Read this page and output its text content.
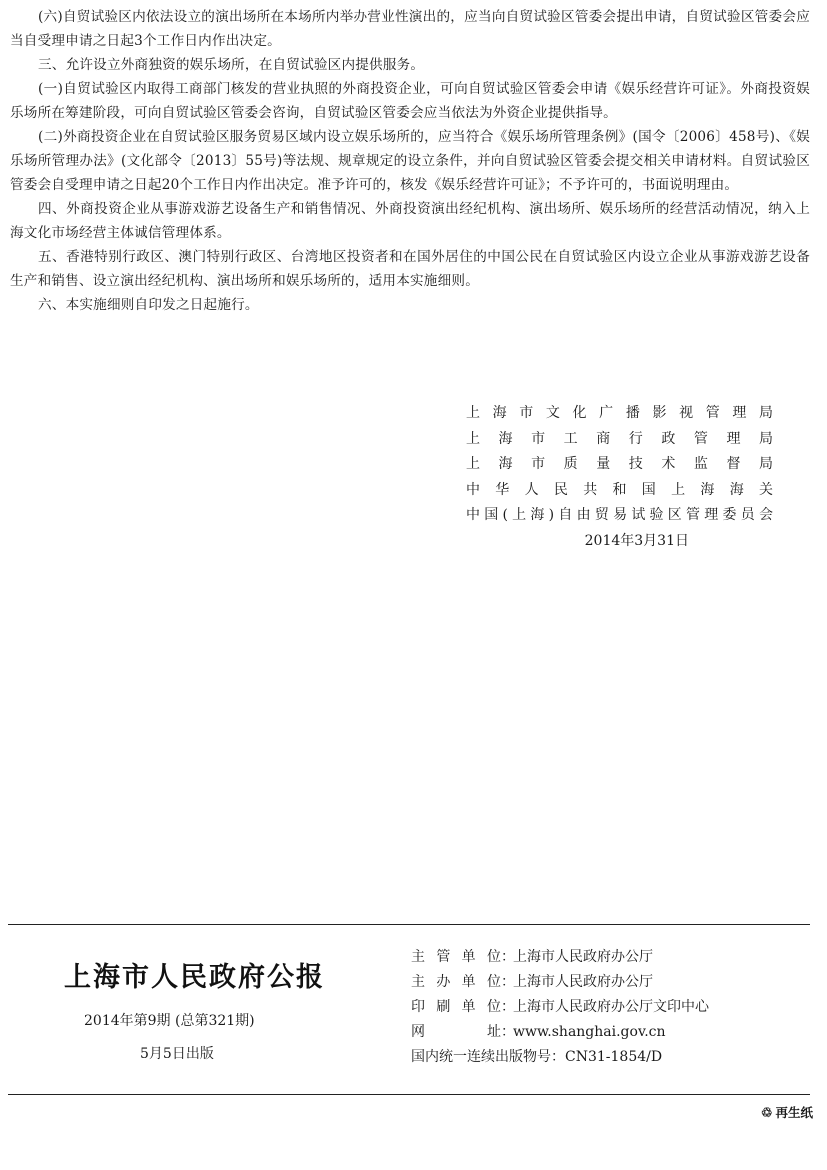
(六)自贸试验区内依法设立的演出场所在本场所内举办营业性演出的，应当向自贸试验区管委会提出申请，自贸试验区管委会应当自受理申请之日起3个工作日内作出决定。

三、允许设立外商独资的娱乐场所，在自贸试验区内提供服务。

(一)自贸试验区内取得工商部门核发的营业执照的外商投资企业，可向自贸试验区管委会申请《娱乐经营许可证》。外商投资娱乐场所在筹建阶段，可向自贸试验区管委会咨询，自贸试验区管委会应当依法为外资企业提供指导。

(二)外商投资企业在自贸试验区服务贸易区域内设立娱乐场所的，应当符合《娱乐场所管理条例》(国令〔2006〕458号)、《娱乐场所管理办法》(文化部令〔2013〕55号)等法规、规章规定的设立条件，并向自贸试验区管委会提交相关申请材料。自贸试验区管委会自受理申请之日起20个工作日内作出决定。准予许可的，核发《娱乐经营许可证》；不予许可的，书面说明理由。

四、外商投资企业从事游戏游艺设备生产和销售情况、外商投资演出经纪机构、演出场所、娱乐场所的经营活动情况，纳入上海文化市场经营主体诚信管理体系。

五、香港特别行政区、澳门特别行政区、台湾地区投资者和在国外居住的中国公民在自贸试验区内设立企业从事游戏游艺设备生产和销售、设立演出经纪机构、演出场所和娱乐场所的，适用本实施细则。

六、本实施细则自印发之日起施行。

上海市文化广播影视管理局
上海市工商行政管理局
上海市质量技术监督局
中华人民共和国上海海关
中国(上海)自由贸易试验区管理委员会
2014年3月31日
上海市人民政府公报
2014年第9期 (总第321期)
5月5日出版
主管单位：上海市人民政府办公厅
主办单位：上海市人民政府办公厅
印刷单位：上海市人民政府办公厅文印中心
网址：www.shanghai.gov.cn
国内统一连续出版物号：CN31-1854/D
♲ 再生纸
